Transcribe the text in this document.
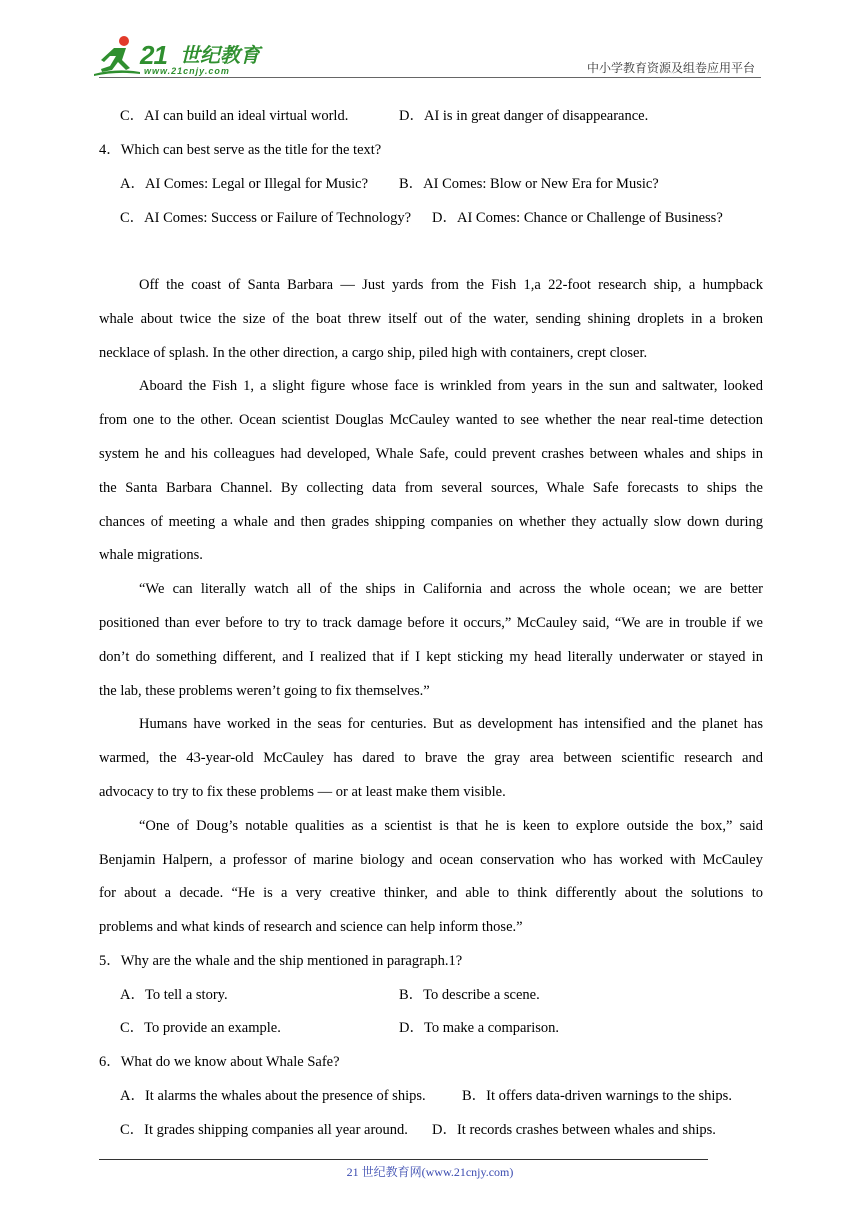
21 世纪教育
www.21cnjy.com	中小学教育资源及组卷应用平台
C．AI can build an ideal virtual world.	D．AI is in great danger of disappearance.
4．Which can best serve as the title for the text?
A．AI Comes: Legal or Illegal for Music? B．AI Comes: Blow or New Era for Music?
C．AI Comes: Success or Failure of Technology? D．AI Comes: Chance or Challenge of Business?
Off the coast of Santa Barbara — Just yards from the Fish 1,a 22-foot research ship, a humpback
whale about twice the size of the boat threw itself out of the water, sending shining droplets in a broken
necklace of splash. In the other direction, a cargo ship, piled high with containers, crept closer.
Aboard the Fish 1, a slight figure whose face is wrinkled from years in the sun and saltwater, looked
from one to the other. Ocean scientist Douglas McCauley wanted to see whether the near real-time detection
system he and his colleagues had developed, Whale Safe, could prevent crashes between whales and ships in
the Santa Barbara Channel. By collecting data from several sources, Whale Safe forecasts to ships the
chances of meeting a whale and then grades shipping companies on whether they actually slow down during
whale migrations.
“We can literally watch all of the ships in California and across the whole ocean; we are better
positioned than ever before to try to track damage before it occurs,” McCauley said, “We are in trouble if we
don’t do something different, and I realized that if I kept sticking my head literally underwater or stayed in
the lab, these problems weren’t going to fix themselves.”
Humans have worked in the seas for centuries. But as development has intensified and the planet has
warmed, the 43-year-old McCauley has dared to brave the gray area between scientific research and
advocacy to try to fix these problems — or at least make them visible.
“One of Doug’s notable qualities as a scientist is that he is keen to explore outside the box,” said
Benjamin Halpern, a professor of marine biology and ocean conservation who has worked with McCauley
for about a decade. “He is a very creative thinker, and able to think differently about the solutions to
problems and what kinds of research and science can help inform those.”
5．Why are the whale and the ship mentioned in paragraph.1?
A．To tell a story.	B．To describe a scene.
C．To provide an example.	D．To make a comparison.
6．What do we know about Whale Safe?
A．It alarms the whales about the presence of ships.	B．It offers data-driven warnings to the ships.
C．It grades shipping companies all year around. D．It records crashes between whales and ships.
21 世纪教育网(www.21cnjy.com)
